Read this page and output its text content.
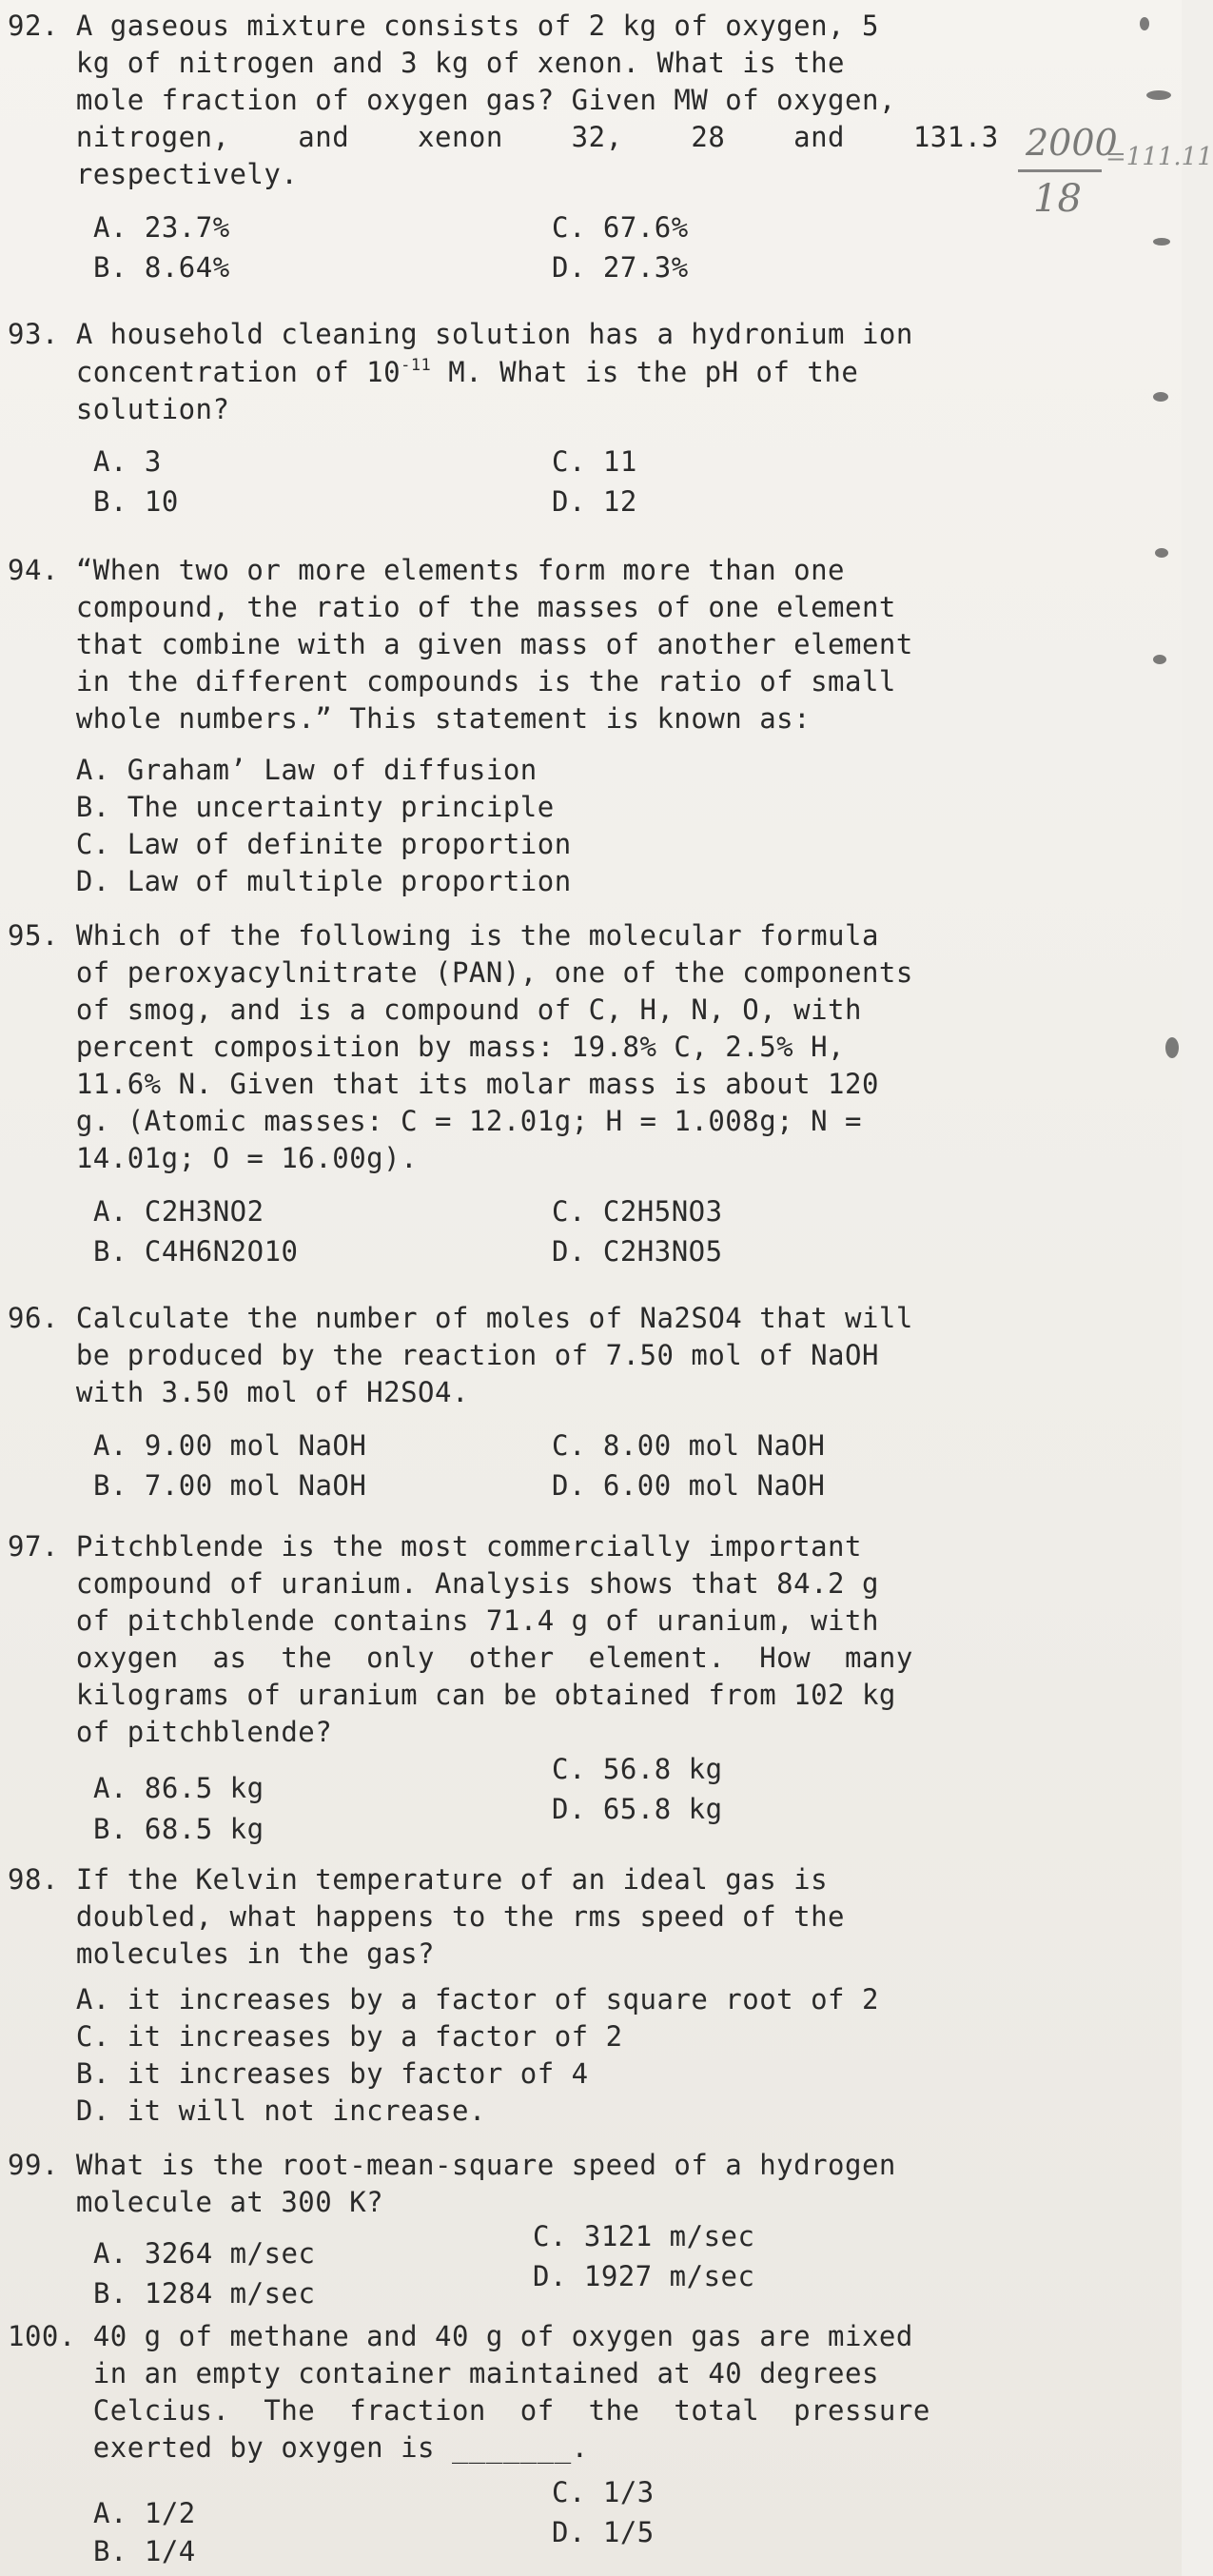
2000
18
=111.11
92. A gaseous mixture consists of 2 kg of oxygen, 5
kg of nitrogen and 3 kg of xenon. What is the
mole fraction of oxygen gas? Given MW of oxygen,
nitrogen,    and    xenon    32,    28    and    131.3
respectively.
A. 23.7%
B. 8.64%
C. 67.6%
D. 27.3%
93. A household cleaning solution has a hydronium ion
concentration of $10^{-11}$ M. What is the pH of the
solution?
A. 3
B. 10
C. 11
D. 12
94. “When two or more elements form more than one
compound, the ratio of the masses of one element
that combine with a given mass of another element
in the different compounds is the ratio of small
whole numbers.” This statement is known as:
A. Graham’ Law of diffusion
B. The uncertainty principle
C. Law of definite proportion
D. Law of multiple proportion
95. Which of the following is the molecular formula
of peroxyacylnitrate (PAN), one of the components
of smog, and is a compound of C, H, N, O, with
percent composition by mass: 19.8% C, 2.5% H,
11.6% N. Given that its molar mass is about 120
g. (Atomic masses: C = 12.01g; H = 1.008g; N =
14.01g; O = 16.00g).
A. C2H3NO2
B. C4H6N2O10
C. C2H5NO3
D. C2H3NO5
96. Calculate the number of moles of Na2SO4 that will
be produced by the reaction of 7.50 mol of NaOH
with 3.50 mol of H2SO4.
A. 9.00 mol NaOH
B. 7.00 mol NaOH
C. 8.00 mol NaOH
D. 6.00 mol NaOH
97. Pitchblende is the most commercially important
compound of uranium. Analysis shows that 84.2 g
of pitchblende contains 71.4 g of uranium, with
oxygen  as  the  only  other  element.  How  many
kilograms of uranium can be obtained from 102 kg
of pitchblende?
A. 86.5 kg
B. 68.5 kg
C. 56.8 kg
D. 65.8 kg
98. If the Kelvin temperature of an ideal gas is
doubled, what happens to the rms speed of the
molecules in the gas?
A. it increases by a factor of square root of 2
C. it increases by a factor of 2
B. it increases by factor of 4
D. it will not increase.
99. What is the root-mean-square speed of a hydrogen
molecule at 300 K?
A. 3264 m/sec
B. 1284 m/sec
C. 3121 m/sec
D. 1927 m/sec
100. 40 g of methane and 40 g of oxygen gas are mixed
in an empty container maintained at 40 degrees
Celcius.  The  fraction  of  the  total  pressure
exerted by oxygen is _______.
A. 1/2
B. 1/4
C. 1/3
D. 1/5
